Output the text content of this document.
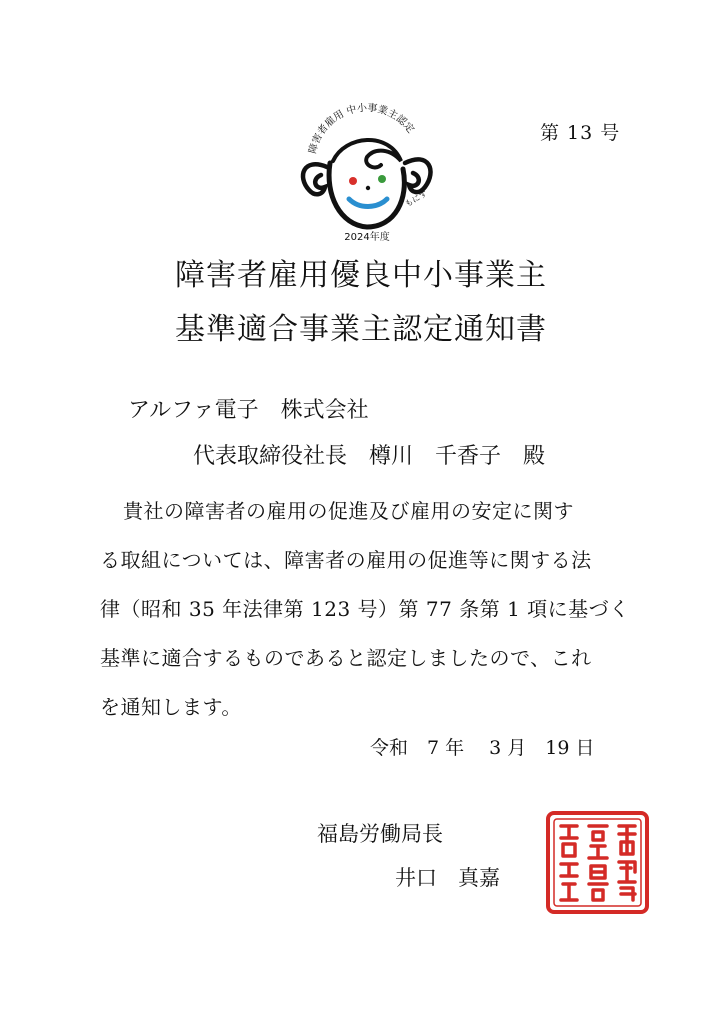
障害者雇用 中小事業主認定
もにす
2024年度
第 13 号
障害者雇用優良中小事業主
基準適合事業主認定通知書
アルファ電子　株式会社
代表取締役社長　樽川　千香子　殿
貴社の障害者の雇用の促進及び雇用の安定に関す
る取組については、障害者の雇用の促進等に関する法
律（昭和 35 年法律第 123 号）第 77 条第 1 項に基づく
基準に適合するものであると認定しましたので、これ
を通知します。
令和　7 年　 3 月　19 日
福島労働局長
井口　真嘉
